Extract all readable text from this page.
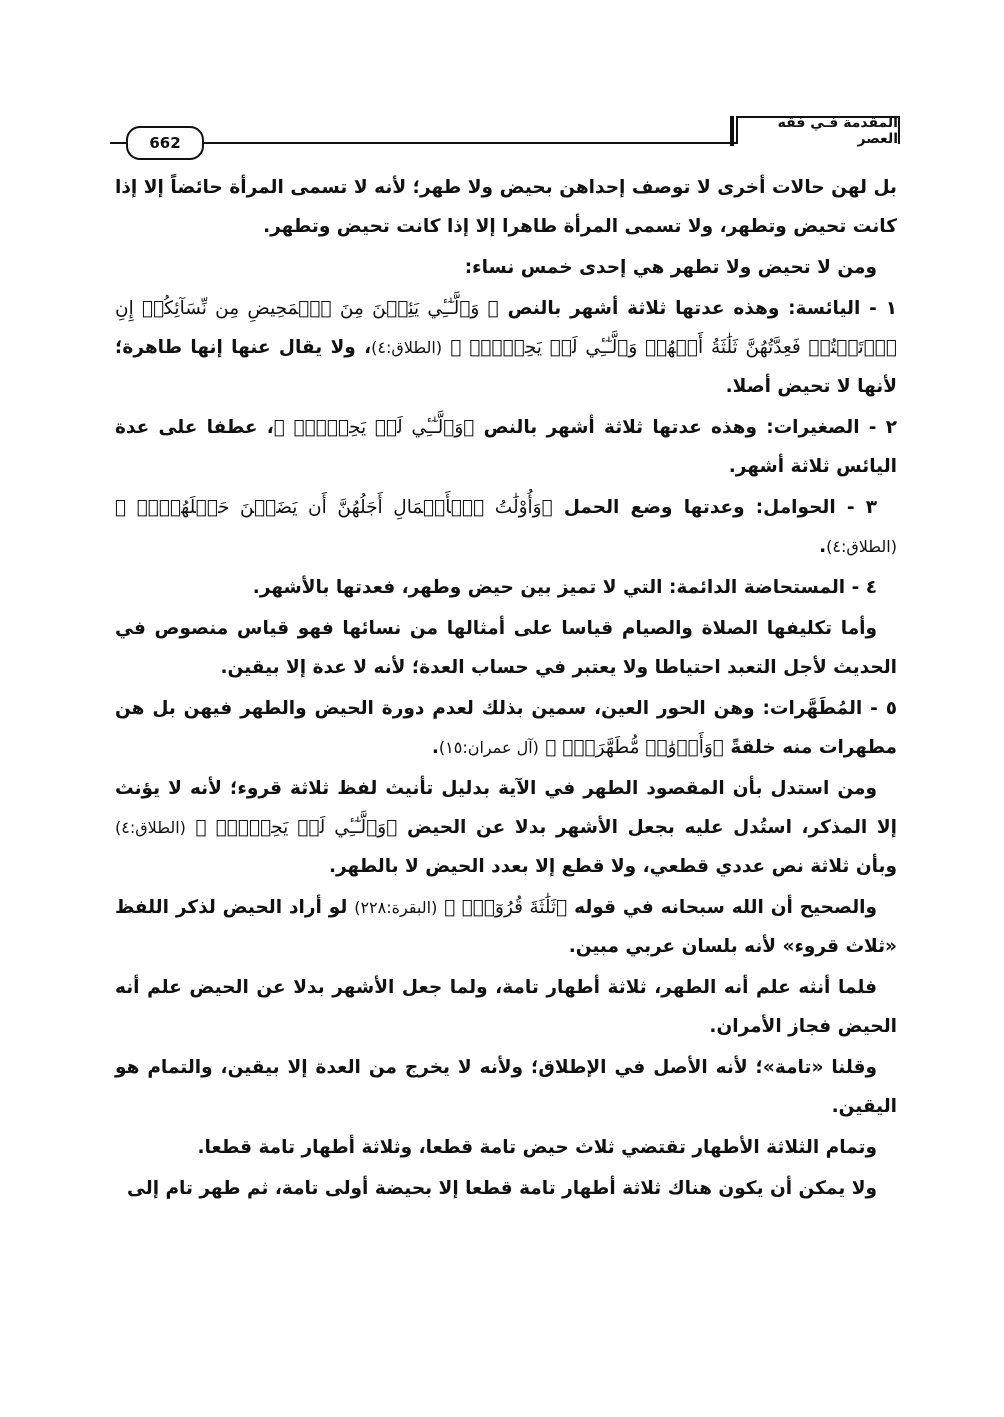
المقدمة فـي فقه العصر
662

بل لهن حالات أخرى لا توصف إحداهن بحيض ولا طهر؛ لأنه لا تسمى المرأة حائضاً إلا إذا كانت تحيض وتطهر، ولا تسمى المرأة طاهرا إلا إذا كانت تحيض وتطهر.

ومن لا تحيض ولا تطهر هي إحدى خمس نساء:

١ - اليائسة: وهذه عدتها ثلاثة أشهر بالنص ﴿ وَٱلَّـٰٓـِٔي يَئِسۡنَ مِنَ ٱلۡمَحِيضِ مِن نِّسَآئِكُمۡ إِنِ ٱرۡتَبۡتُمۡ فَعِدَّتُهُنَّ ثَلَٰثَةُ أَشۡهُرٖ وَٱلَّـٰٓـِٔي لَمۡ يَحِضۡنَۚ ﴾ (الطلاق:٤)، ولا يقال عنها إنها طاهرة؛ لأنها لا تحيض أصلا.

٢ - الصغيرات: وهذه عدتها ثلاثة أشهر بالنص ﴿وَٱلَّـٰٓـِٔي لَمۡ يَحِضۡنَۚ ﴾، عطفا على عدة اليائس ثلاثة أشهر.

٣ - الحوامل: وعدتها وضع الحمل ﴿وَأُوْلَٰتُ ٱلۡأَحۡمَالِ أَجَلُهُنَّ أَن يَضَعۡنَ حَمۡلَهُنَّۚ ﴾ (الطلاق:٤).

٤ - المستحاضة الدائمة: التي لا تميز بين حيض وطهر، فعدتها بالأشهر.

وأما تكليفها الصلاة والصيام قياسا على أمثالها من نسائها فهو قياس منصوص في الحديث لأجل التعبد احتياطا ولا يعتبر في حساب العدة؛ لأنه لا عدة إلا بيقين.

٥ - المُطَهَّرات: وهن الحور العين، سمين بذلك لعدم دورة الحيض والطهر فيهن بل هن مطهرات منه خلقةً ﴿وَأَزۡوَٰجٞ مُّطَهَّرَةٞۖ ﴾ (آل عمران:١٥).

ومن استدل بأن المقصود الطهر في الآية بدليل تأنيث لفظ ثلاثة قروء؛ لأنه لا يؤنث إلا المذكر، استُدل عليه بجعل الأشهر بدلا عن الحيض ﴿وَٱلَّـٰٓـِٔي لَمۡ يَحِضۡنَۚ ﴾ (الطلاق:٤) وبأن ثلاثة نص عددي قطعي، ولا قطع إلا بعدد الحيض لا بالطهر.

والصحيح أن الله سبحانه في قوله ﴿ثَلَٰثَةَ قُرُوٓءٖۚ ﴾ (البقرة:٢٢٨) لو أراد الحيض لذكر اللفظ «ثلاث قروء» لأنه بلسان عربي مبين.

فلما أنثه علم أنه الطهر، ثلاثة أطهار تامة، ولما جعل الأشهر بدلا عن الحيض علم أنه الحيض فجاز الأمران.

وقلنا «تامة»؛ لأنه الأصل في الإطلاق؛ ولأنه لا يخرج من العدة إلا بيقين، والتمام هو اليقين.

وتمام الثلاثة الأطهار تقتضي ثلاث حيض تامة قطعا، وثلاثة أطهار تامة قطعا.

ولا يمكن أن يكون هناك ثلاثة أطهار تامة قطعا إلا بحيضة أولى تامة، ثم طهر تام إلى
